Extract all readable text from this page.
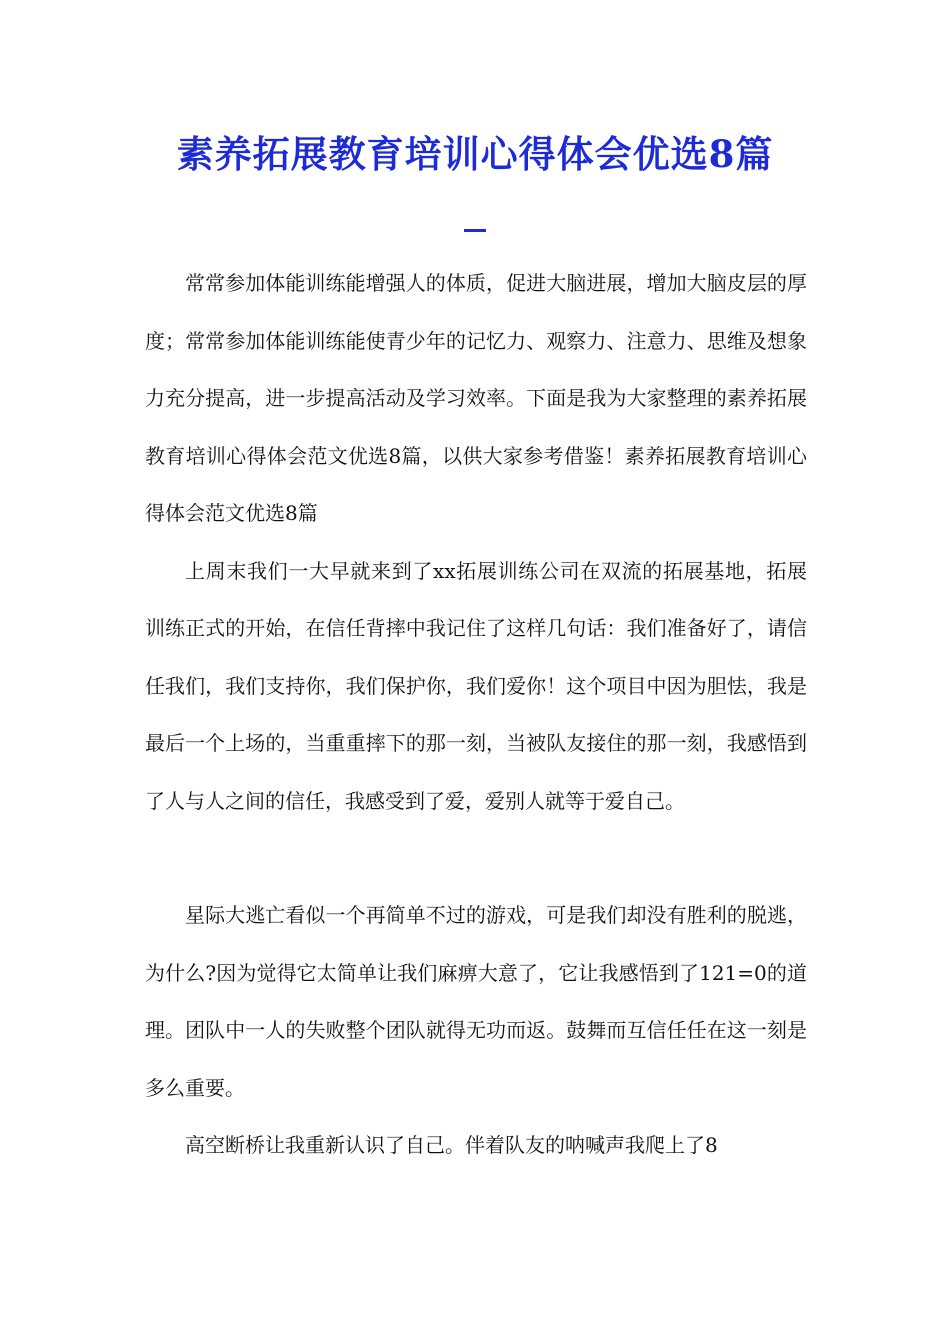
素养拓展教育培训心得体会优选8篇

常常参加体能训练能增强人的体质，促进大脑进展，增加大脑皮层的厚度；常常参加体能训练能使青少年的记忆力、观察力、注意力、思维及想象力充分提高，进一步提高活动及学习效率。下面是我为大家整理的素养拓展教育培训心得体会范文优选8篇，以供大家参考借鉴！素养拓展教育培训心得体会范文优选8篇

上周末我们一大早就来到了xx拓展训练公司在双流的拓展基地，拓展训练正式的开始，在信任背摔中我记住了这样几句话：我们准备好了，请信任我们，我们支持你，我们保护你，我们爱你！这个项目中因为胆怯，我是最后一个上场的，当重重摔下的那一刻，当被队友接住的那一刻，我感悟到了人与人之间的信任，我感受到了爱，爱别人就等于爱自己。

星际大逃亡看似一个再简单不过的游戏，可是我们却没有胜利的脱逃，为什么?因为觉得它太简单让我们麻痹大意了，它让我感悟到了121=0的道理。团队中一人的失败整个团队就得无功而返。鼓舞而互信任任在这一刻是多么重要。

高空断桥让我重新认识了自己。伴着队友的呐喊声我爬上了8
